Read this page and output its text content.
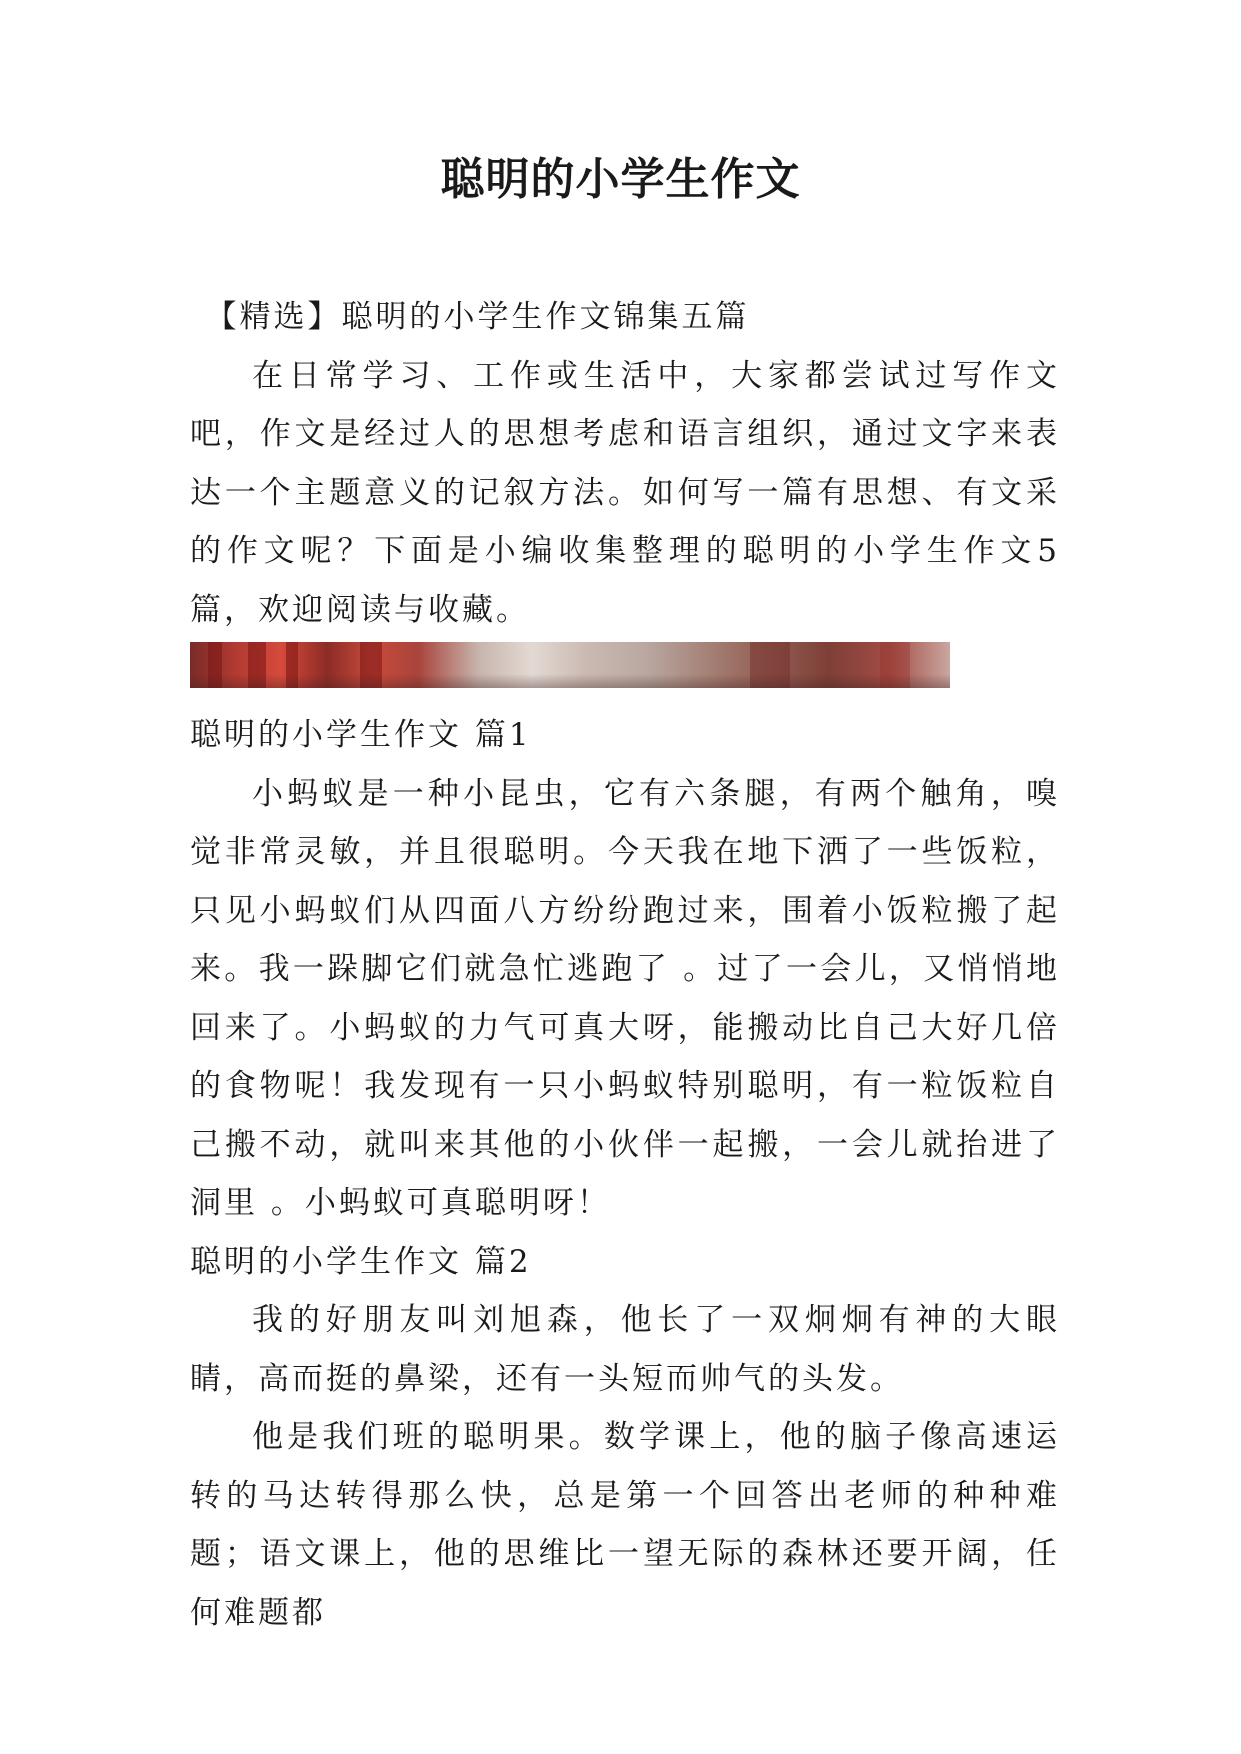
聪明的小学生作文

【精选】聪明的小学生作文锦集五篇

在日常学习、工作或生活中，大家都尝试过写作文吧，作文是经过人的思想考虑和语言组织，通过文字来表达一个主题意义的记叙方法。如何写一篇有思想、有文采的作文呢？下面是小编收集整理的聪明的小学生作文5篇，欢迎阅读与收藏。

聪明的小学生作文 篇1

小蚂蚁是一种小昆虫，它有六条腿，有两个触角，嗅觉非常灵敏，并且很聪明。今天我在地下洒了一些饭粒，只见小蚂蚁们从四面八方纷纷跑过来，围着小饭粒搬了起来。我一跺脚它们就急忙逃跑了 。过了一会儿，又悄悄地回来了。小蚂蚁的力气可真大呀，能搬动比自己大好几倍的食物呢！我发现有一只小蚂蚁特别聪明，有一粒饭粒自己搬不动，就叫来其他的小伙伴一起搬，一会儿就抬进了洞里 。小蚂蚁可真聪明呀！

聪明的小学生作文 篇2

我的好朋友叫刘旭森，他长了一双炯炯有神的大眼睛，高而挺的鼻梁，还有一头短而帅气的头发。

他是我们班的聪明果。数学课上，他的脑子像高速运转的马达转得那么快，总是第一个回答出老师的种种难题；语文课上，他的思维比一望无际的森林还要开阔，任何难题都
